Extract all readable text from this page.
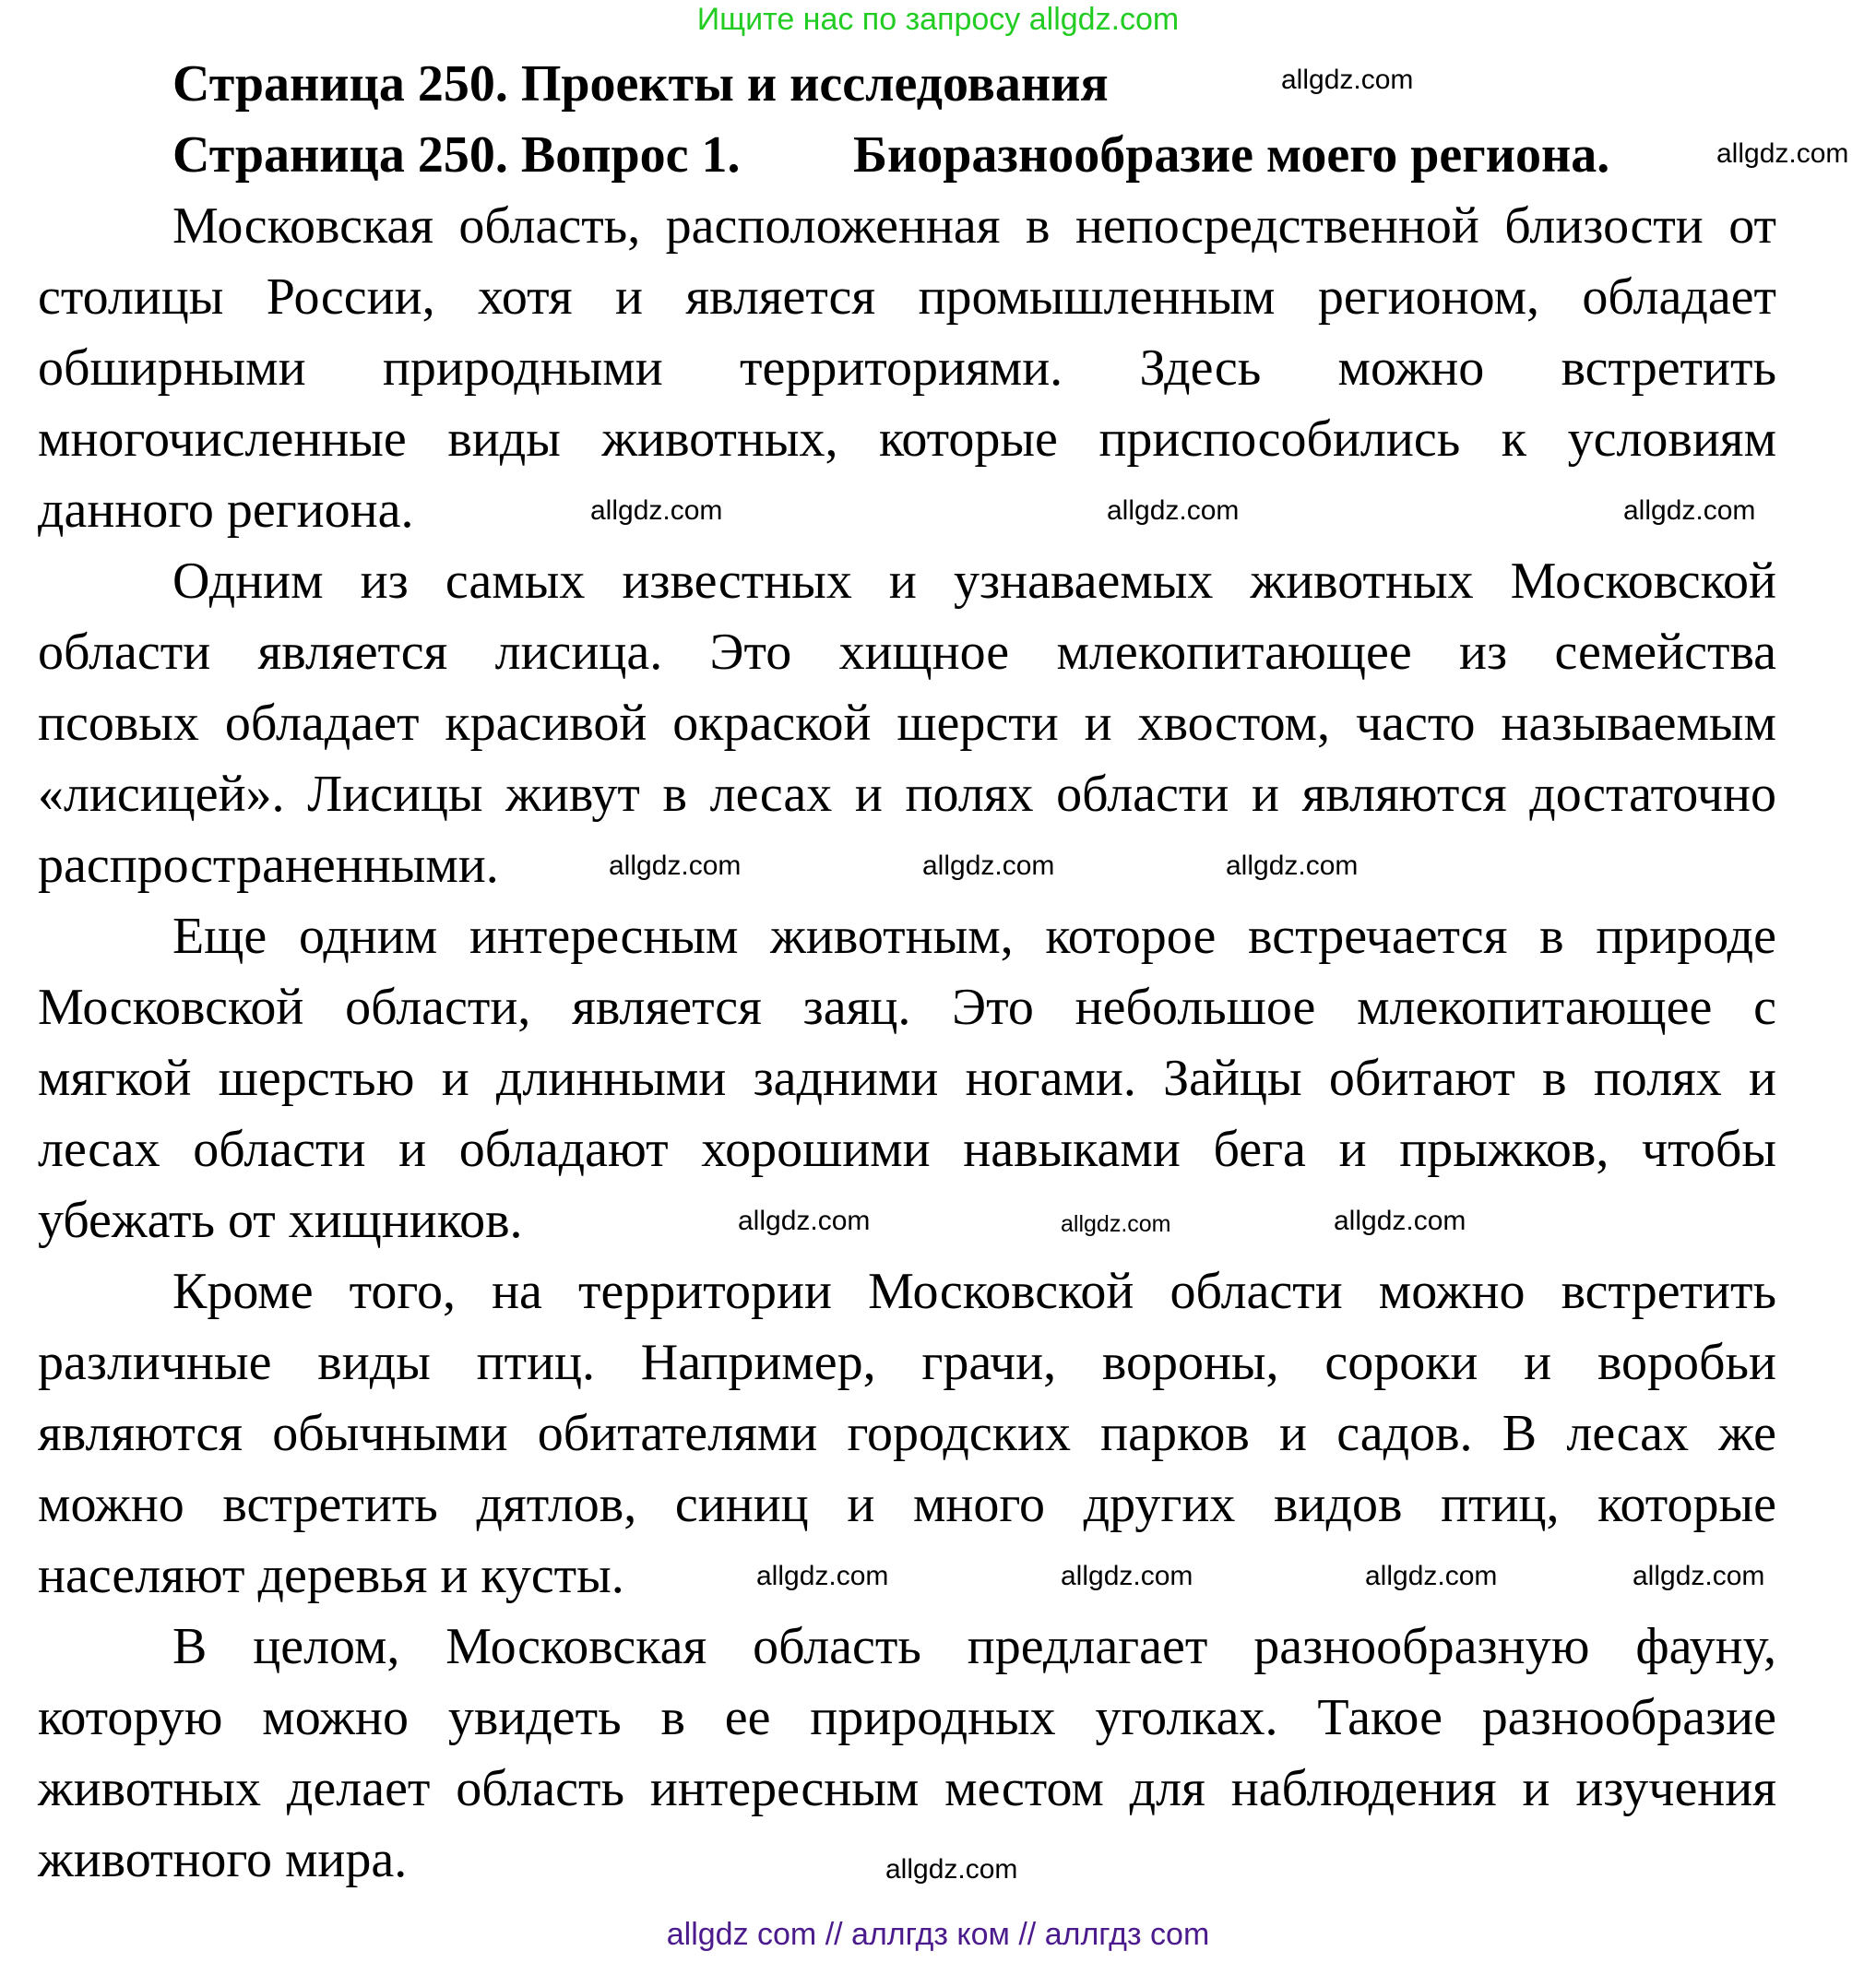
Ищите нас по запросу allgdz.com
Страница 250. Проекты и исследования
Страница 250. Вопрос 1. Биоразнообразие моего региона.
Московская область, расположенная в непосредственной близости от
столицы России, хотя и является промышленным регионом, обладает
обширными природными территориями. Здесь можно встретить
многочисленные виды животных, которые приспособились к условиям
данного региона.
Одним из самых известных и узнаваемых животных Московской
области является лисица. Это хищное млекопитающее из семейства
псовых обладает красивой окраской шерсти и хвостом, часто называемым
«лисицей». Лисицы живут в лесах и полях области и являются достаточно
распространенными.
Еще одним интересным животным, которое встречается в природе
Московской области, является заяц. Это небольшое млекопитающее с
мягкой шерстью и длинными задними ногами. Зайцы обитают в полях и
лесах области и обладают хорошими навыками бега и прыжков, чтобы
убежать от хищников.
Кроме того, на территории Московской области можно встретить
различные виды птиц. Например, грачи, вороны, сороки и воробьи
являются обычными обитателями городских парков и садов. В лесах же
можно встретить дятлов, синиц и много других видов птиц, которые
населяют деревья и кусты.
В целом, Московская область предлагает разнообразную фауну,
которую можно увидеть в ее природных уголках. Такое разнообразие
животных делает область интересным местом для наблюдения и изучения
животного мира.
allgdz.com
allgdz.com
allgdz.com	allgdz.com	allgdz.com
allgdz.com	allgdz.com
allgdz.com
allgdz.com
allgdz.com	allgdz.com
allgdz.com
allgdz.com	allgdz.com	allgdz.com
allgdz.com
allgdz com // аллгдз ком // аллгдз com
